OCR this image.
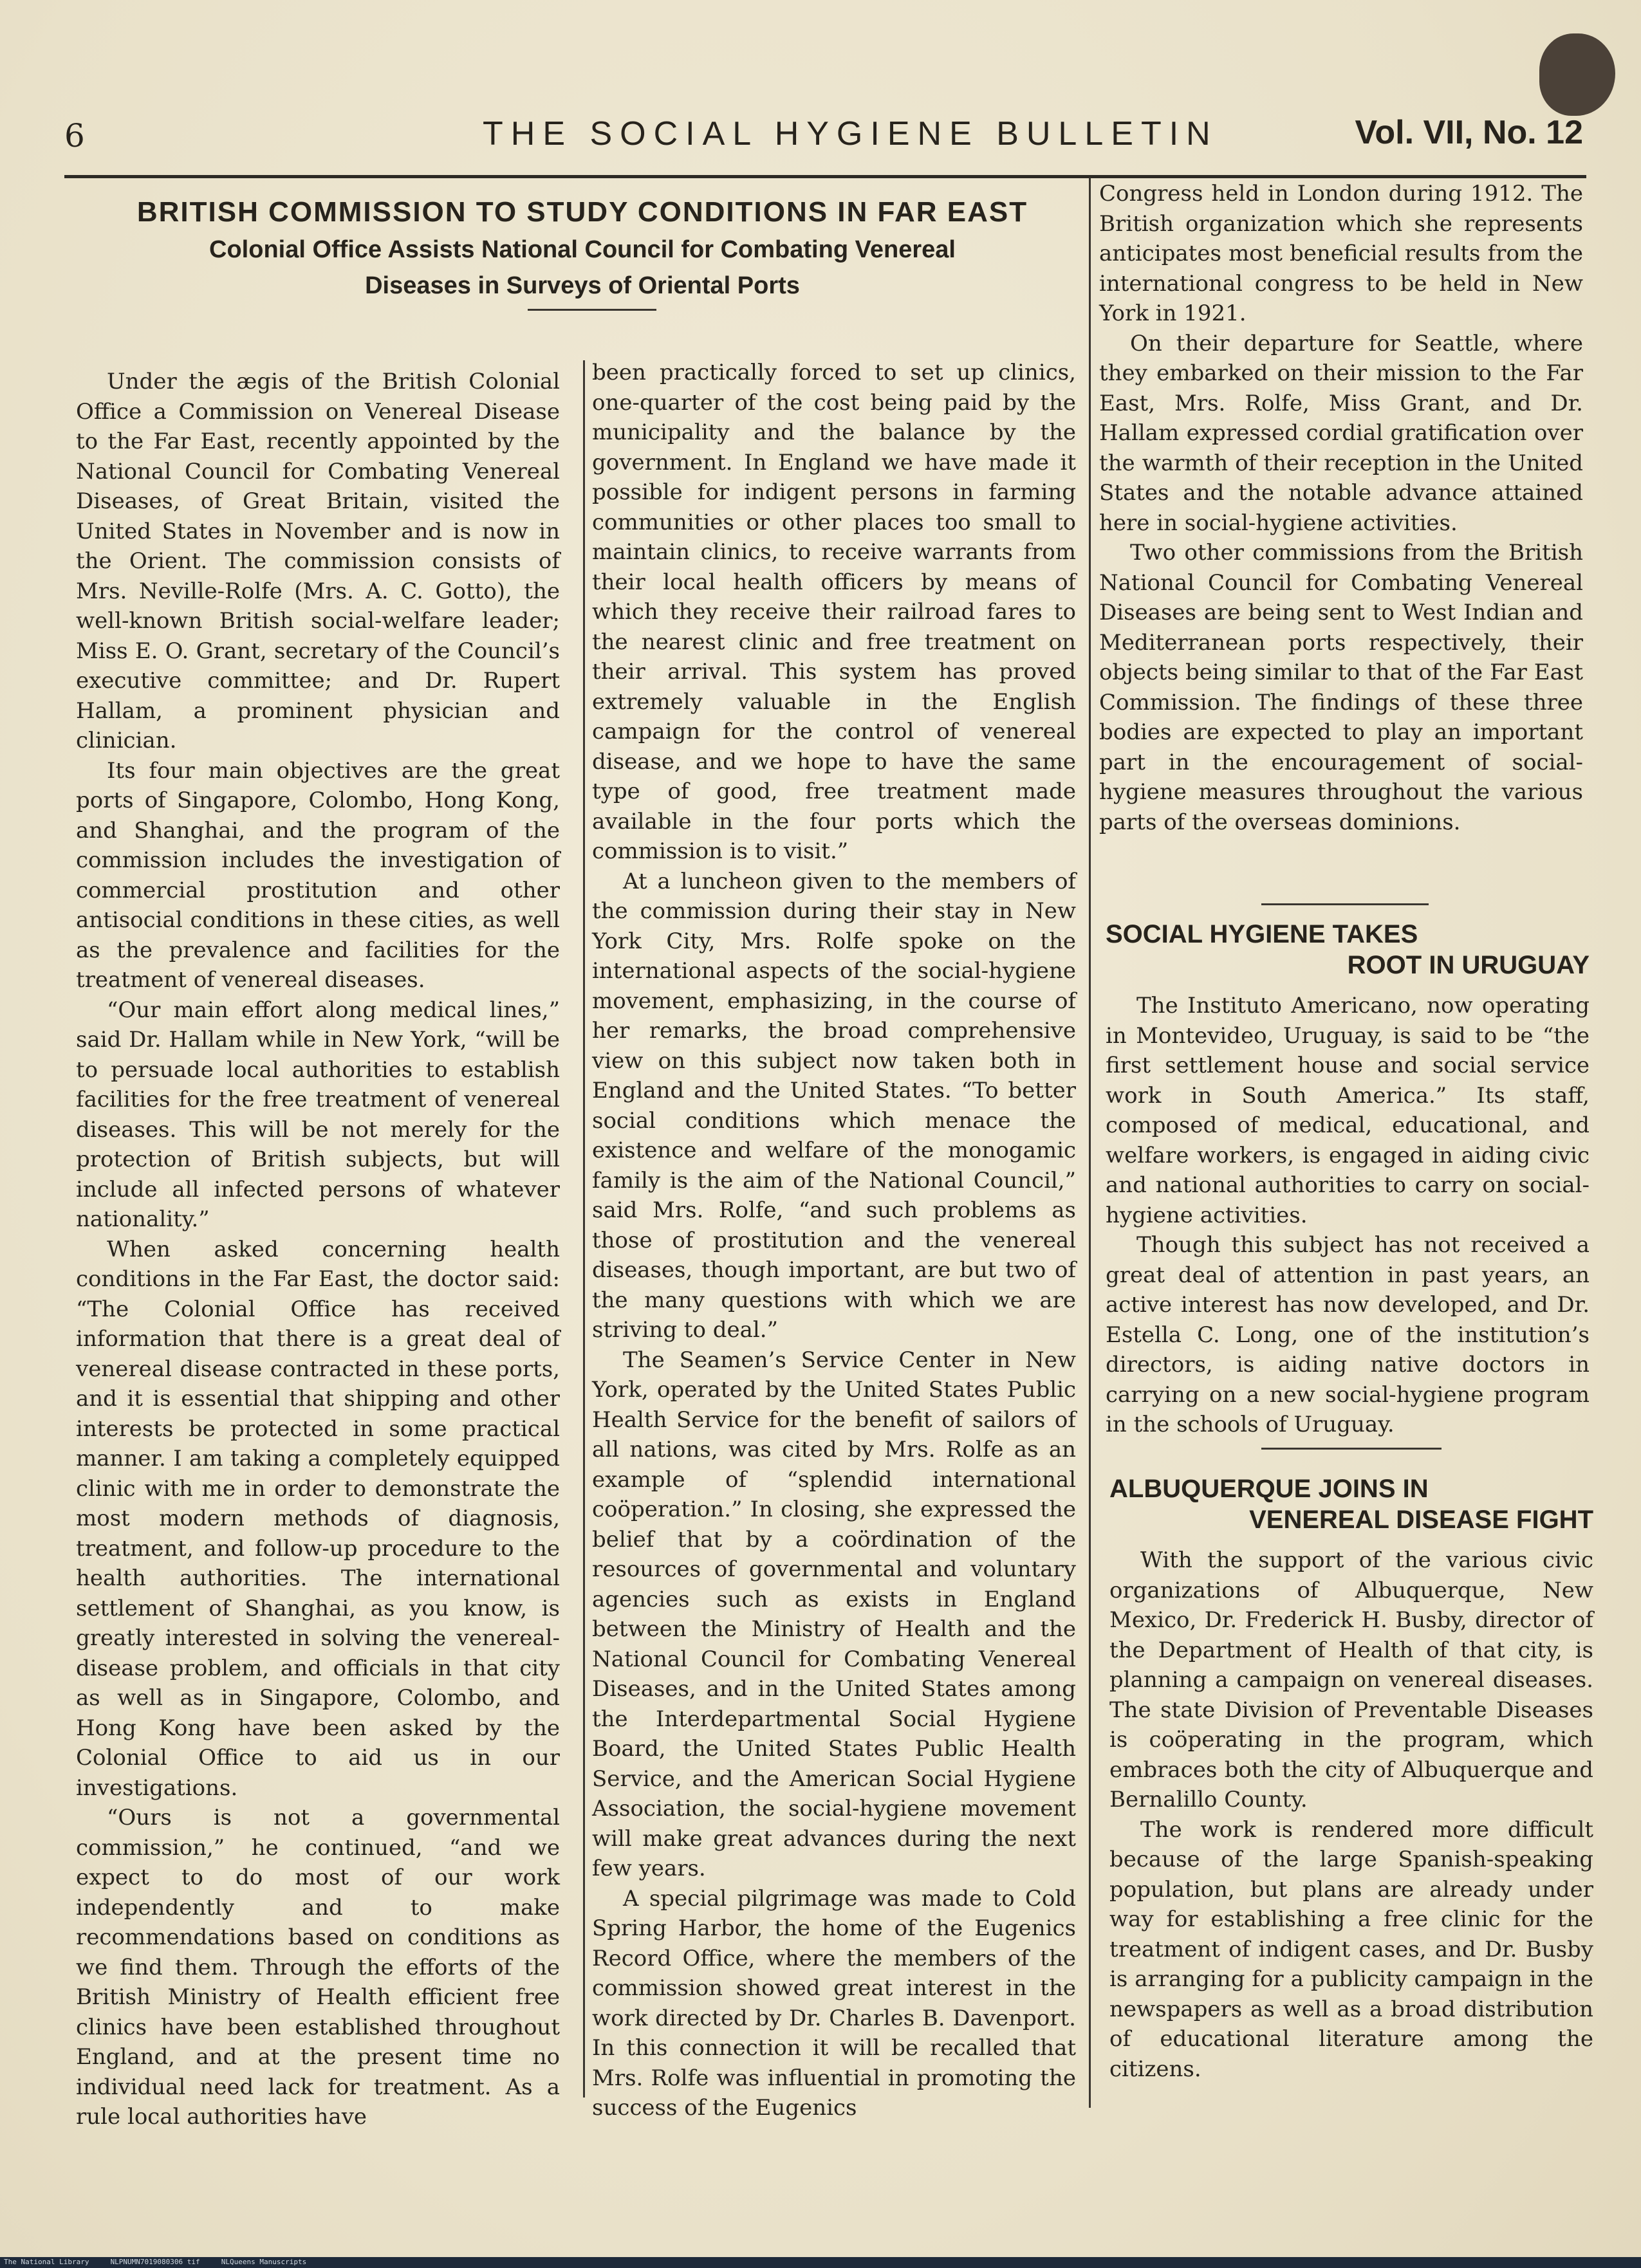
6	THE SOCIAL HYGIENE BULLETIN	Vol. VII, No. 12
BRITISH COMMISSION TO STUDY CONDITIONS IN FAR EAST
Colonial Office Assists National Council for Combating Venereal
Diseases in Surveys of Oriental Ports

Under the ægis of the British Colonial Office a Commission on Venereal Disease to the Far East, recently appointed by the National Council for Combating Venereal Diseases, of Great Britain, visited the United States in November and is now in the Orient. The commission consists of Mrs. Neville-Rolfe (Mrs. A. C. Gotto), the well-known British social-welfare leader; Miss E. O. Grant, secretary of the Council’s executive committee; and Dr. Rupert Hallam, a prominent physician and clinician.

Its four main objectives are the great ports of Singapore, Colombo, Hong Kong, and Shanghai, and the program of the commission includes the investigation of commercial prostitution and other antisocial conditions in these cities, as well as the prevalence and facilities for the treatment of venereal diseases.

“Our main effort along medical lines,” said Dr. Hallam while in New York, “will be to persuade local authorities to establish facilities for the free treatment of venereal diseases. This will be not merely for the protection of British subjects, but will include all infected persons of whatever nationality.”

When asked concerning health conditions in the Far East, the doctor said: “The Colonial Office has received information that there is a great deal of venereal disease contracted in these ports, and it is essential that shipping and other interests be protected in some practical manner. I am taking a completely equipped clinic with me in order to demonstrate the most modern methods of diagnosis, treatment, and follow-up procedure to the health authorities. The international settlement of Shanghai, as you know, is greatly interested in solving the venereal-disease problem, and officials in that city as well as in Singapore, Colombo, and Hong Kong have been asked by the Colonial Office to aid us in our investigations.

“Ours is not a governmental commission,” he continued, “and we expect to do most of our work independently and to make recommendations based on conditions as we find them. Through the efforts of the British Ministry of Health efficient free clinics have been established throughout England, and at the present time no individual need lack for treatment. As a rule local authorities have

been practically forced to set up clinics, one-quarter of the cost being paid by the municipality and the balance by the government. In England we have made it possible for indigent persons in farming communities or other places too small to maintain clinics, to receive warrants from their local health officers by means of which they receive their railroad fares to the nearest clinic and free treatment on their arrival. This system has proved extremely valuable in the English campaign for the control of venereal disease, and we hope to have the same type of good, free treatment made available in the four ports which the commission is to visit.”

At a luncheon given to the members of the commission during their stay in New York City, Mrs. Rolfe spoke on the international aspects of the social-hygiene movement, emphasizing, in the course of her remarks, the broad comprehensive view on this subject now taken both in England and the United States. “To better social conditions which menace the existence and welfare of the monogamic family is the aim of the National Council,” said Mrs. Rolfe, “and such problems as those of prostitution and the venereal diseases, though important, are but two of the many questions with which we are striving to deal.”

The Seamen’s Service Center in New York, operated by the United States Public Health Service for the benefit of sailors of all nations, was cited by Mrs. Rolfe as an example of “splendid international coöperation.” In closing, she expressed the belief that by a coördination of the resources of governmental and voluntary agencies such as exists in England between the Ministry of Health and the National Council for Combating Venereal Diseases, and in the United States among the Interdepartmental Social Hygiene Board, the United States Public Health Service, and the American Social Hygiene Association, the social-hygiene movement will make great advances during the next few years.

A special pilgrimage was made to Cold Spring Harbor, the home of the Eugenics Record Office, where the members of the commission showed great interest in the work directed by Dr. Charles B. Davenport. In this connection it will be recalled that Mrs. Rolfe was influential in promoting the success of the Eugenics

Congress held in London during 1912. The British organization which she represents anticipates most beneficial results from the international congress to be held in New York in 1921.

On their departure for Seattle, where they embarked on their mission to the Far East, Mrs. Rolfe, Miss Grant, and Dr. Hallam expressed cordial gratification over the warmth of their reception in the United States and the notable advance attained here in social-hygiene activities.

Two other commissions from the British National Council for Combating Venereal Diseases are being sent to West Indian and Mediterranean ports respectively, their objects being similar to that of the Far East Commission. The findings of these three bodies are expected to play an important part in the encouragement of social-hygiene measures throughout the various parts of the overseas dominions.

SOCIAL HYGIENE TAKES
ROOT IN URUGUAY

The Instituto Americano, now operating in Montevideo, Uruguay, is said to be “the first settlement house and social service work in South America.” Its staff, composed of medical, educational, and welfare workers, is engaged in aiding civic and national authorities to carry on social-hygiene activities.

Though this subject has not received a great deal of attention in past years, an active interest has now developed, and Dr. Estella C. Long, one of the institution’s directors, is aiding native doctors in carrying on a new social-hygiene program in the schools of Uruguay.

ALBUQUERQUE JOINS IN
VENEREAL DISEASE FIGHT

With the support of the various civic organizations of Albuquerque, New Mexico, Dr. Frederick H. Busby, director of the Department of Health of that city, is planning a campaign on venereal diseases. The state Division of Preventable Diseases is coöperating in the program, which embraces both the city of Albuquerque and Bernalillo County.

The work is rendered more difficult because of the large Spanish-speaking population, but plans are already under way for establishing a free clinic for the treatment of indigent cases, and Dr. Busby is arranging for a publicity campaign in the newspapers as well as a broad distribution of educational literature among the citizens.

The National Library     NLPNUMN7019080306 tif     NLQueens Manuscripts
